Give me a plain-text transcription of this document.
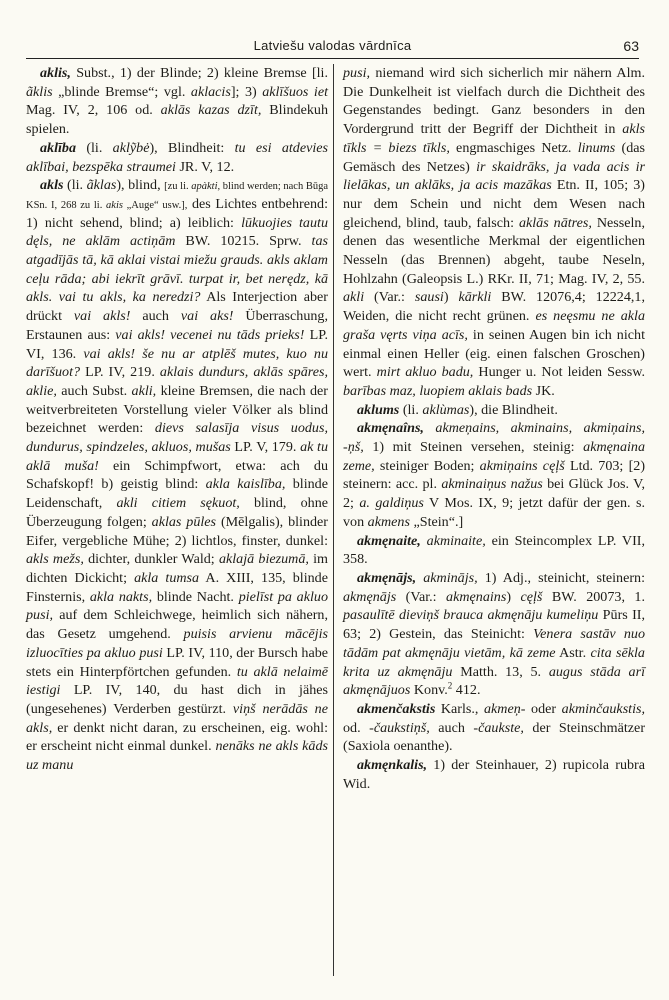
Latviešu valodas vārdnīca	63

aklis, Subst., 1) der Blinde; 2) kleine Bremse [li. ãklis „blinde Bremse“; vgl. aklacis]; 3) aklīšuos iet Mag. IV, 2, 106 od. aklās kazas dzīt, Blindekuh spielen.

aklība (li. aklỹbė), Blindheit: tu esi atdevies aklībai, bezspēka straumei JR. V, 12.

akls (li. ãklas), blind, [zu li. apàkti, blind werden; nach Būga KSn. I, 268 zu li. akis „Auge“ usw.], des Lichtes entbehrend: 1) nicht sehend, blind; a) leiblich: lūkuojies tautu dęls, ne aklām actiņām BW. 10215. Sprw. tas atgadījās tā, kā aklai vistai miežu grauds. akls aklam ceļu rāda; abi iekrīt grāvī. turpat ir, bet nerędz, kā akls. vai tu akls, ka neredzi? Als Interjection aber drückt vai akls! auch vai aks! Überraschung, Erstaunen aus: vai akls! vecenei nu tāds prieks! LP. VI, 136. vai akls! še nu ar atplēš mutes, kuo nu darīšuot? LP. IV, 219. aklais dundurs, aklās spāres, aklie, auch Subst. akli, kleine Bremsen, die nach der weitverbreiteten Vorstellung vieler Völker als blind bezeichnet werden: dievs salasīja visus uodus, dundurus, spindzeles, akluos, mušas LP. V, 179. ak tu aklā muša! ein Schimpfwort, etwa: ach du Schafskopf! b) geistig blind: akla kaislība, blinde Leidenschaft, akli citiem sękuot, blind, ohne Überzeugung folgen; aklas pūles (Mēlgalis), blinder Eifer, vergebliche Mühe; 2) lichtlos, finster, dunkel: akls mežs, dichter, dunkler Wald; aklajā biezumā, im dichten Dickicht; akla tumsa A. XIII, 135, blinde Finsternis, akla nakts, blinde Nacht. pielīst pa akluo pusi, auf dem Schleichwege, heimlich sich nähern, das Gesetz umgehend. puisis arvienu mācējis izluocīties pa akluo pusi LP. IV, 110, der Bursch habe stets ein Hinterpförtchen gefunden. tu aklā nelaimē iestigi LP. IV, 140, du hast dich in jähes (ungesehenes) Verderben gestürzt. viņš nerādās ne akls, er denkt nicht daran, zu erscheinen, eig. wohl: er erscheint nicht einmal dunkel. nenāks ne akls kāds uz manu

pusi, niemand wird sich sicherlich mir nähern Alm. Die Dunkelheit ist vielfach durch die Dichtheit des Gegenstandes bedingt. Ganz besonders in den Vordergrund tritt der Begriff der Dichtheit in akls tīkls = biezs tīkls, engmaschiges Netz. linums (das Gemäsch des Netzes) ir skaidrāks, ja vada acis ir lielākas, un aklāks, ja acis mazākas Etn. II, 105; 3) nur dem Schein und nicht dem Wesen nach gleichend, blind, taub, falsch: aklās nātres, Nesseln, denen das wesentliche Merkmal der eigentlichen Nesseln (das Brennen) abgeht, taube Neseln, Hohlzahn (Galeopsis L.) RKr. II, 71; Mag. IV, 2, 55. akli (Var.: sausi) kārkli BW. 12076,4; 12224,1, Weiden, die nicht recht grünen. es neęsmu ne akla graša vęrts viņa acīs, in seinen Augen bin ich nicht einmal einen Heller (eig. einen falschen Groschen) wert. mirt akluo badu, Hunger u. Not leiden Sessw. barības maz, luopiem aklais bads JK.

aklums (li. aklùmas), die Blindheit.

akmęnaîns, akmeņains, akminains, akmiņains, -ņš, 1) mit Steinen versehen, steinig: akmęnaina zeme, steiniger Boden; akmiņains cęļš Ltd. 703; [2) steinern: acc. pl. akminaiņus nažus bei Glück Jos. V, 2; a. galdiņus V Mos. IX, 9; jetzt dafür der gen. s. von akmens „Stein“.]

akmęnaite, akminaite, ein Steincomplex LP. VII, 358.

akmęnājs, akminājs, 1) Adj., steinicht, steinern: akmęnājs (Var.: akmęnains) cęļš BW. 20073, 1. pasaulītē dieviņš brauca akmęnāju kumeliņu Pūrs II, 63; 2) Gestein, das Steinicht: Venera sastāv nuo tādām pat akmęnāju vietām, kā zeme Astr. cita sēkla krita uz akmęnāju Matth. 13, 5. augus stāda arī akmęnājuos Konv.$^2$ 412.

akmenčakstis Karls., akmeņ- oder akminčaukstis, od. -čaukstiņš, auch -čaukste, der Steinschmätzer (Saxiola oenanthe).

akmęnkalis, 1) der Steinhauer, 2) rupicola rubra Wid.
